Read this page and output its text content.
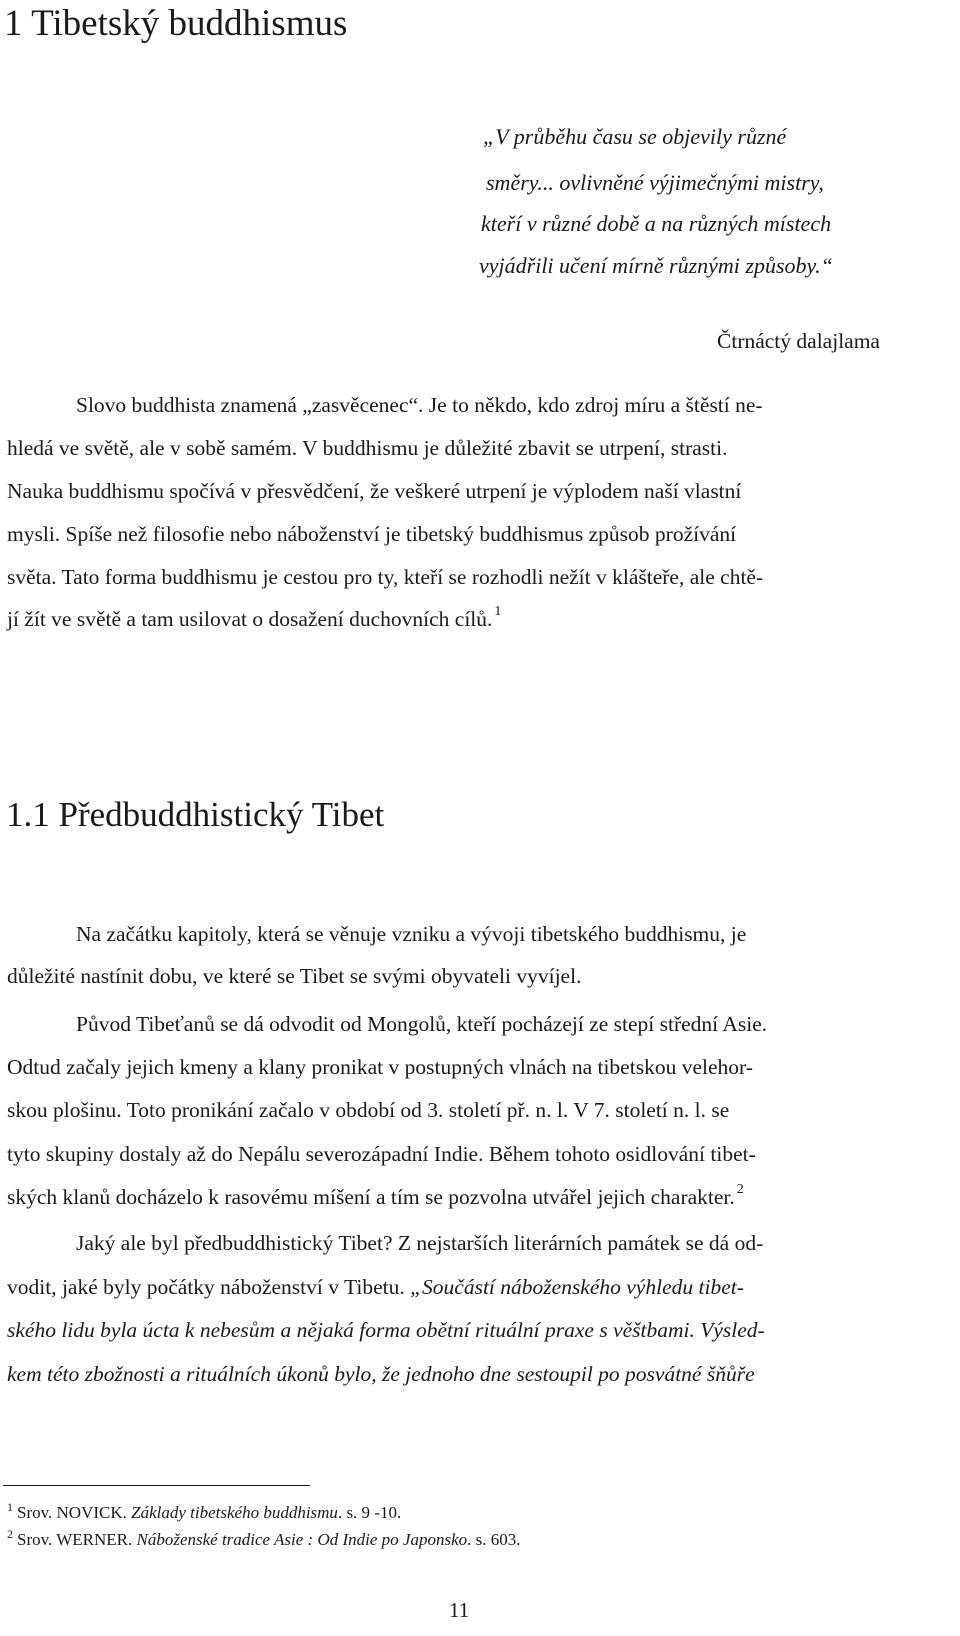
1 Tibetský buddhismus
„V průběhu času se objevily různé
směry... ovlivněné výjimečnými mistry,
kteří v různé době a na různých místech
vyjádřili učení mírně různými způsoby.“
Čtrnáctý dalajlama
Slovo buddhista znamená „zasvěcenec“. Je to někdo, kdo zdroj míru a štěstí ne-
hledá ve světě, ale v sobě samém. V buddhismu je důležité zbavit se utrpení, strasti.
Nauka buddhismu spočívá v přesvědčení, že veškeré utrpení je výplodem naší vlastní
mysli. Spíše než filosofie nebo náboženství je tibetský buddhismus způsob prožívání
světa. Tato forma buddhismu je cestou pro ty, kteří se rozhodli nežít v klášteře, ale chtě-
jí žít ve světě a tam usilovat o dosažení duchovních cílů. $^1$
1.1 Předbuddhistický Tibet
Na začátku kapitoly, která se věnuje vzniku a vývoji tibetského buddhismu, je
důležité nastínit dobu, ve které se Tibet se svými obyvateli vyvíjel.
Původ Tibeťanů se dá odvodit od Mongolů, kteří pocházejí ze stepí střední Asie.
Odtud začaly jejich kmeny a klany pronikat v postupných vlnách na tibetskou velehor-
skou plošinu. Toto pronikání začalo v období od 3. století př. n. l. V 7. století n. l. se
tyto skupiny dostaly až do Nepálu severozápadní Indie. Během tohoto osidlování tibet-
ských klanů docházelo k rasovému míšení a tím se pozvolna utvářel jejich charakter. $^2$
Jaký ale byl předbuddhistický Tibet? Z nejstarších literárních památek se dá od-
vodit, jaké byly počátky náboženství v Tibetu. „Součástí náboženského výhledu tibet-
ského lidu byla úcta k nebesům a nějaká forma obětní rituální praxe s věštbami. Výsled-
kem této zbožnosti a rituálních úkonů bylo, že jednoho dne sestoupil po posvátné šňůře
$^1$ Srov. NOVICK. Základy tibetského buddhismu. s. 9 -10.
$^2$ Srov. WERNER. Náboženské tradice Asie : Od Indie po Japonsko. s. 603.
11
